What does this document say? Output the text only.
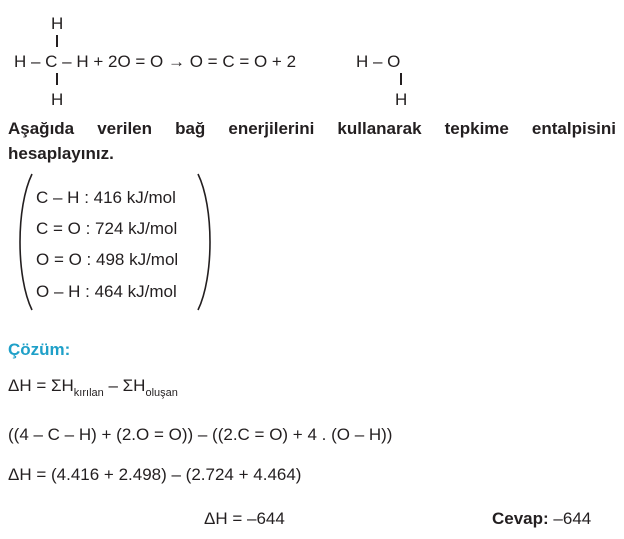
H
H – C – H + 2O = O → O = C = O + 2	H – O
H	H
Aşağıda verilen bağ enerjilerini kullanarak tepkime entalpisini
hesaplayınız.
C – H : 416 kJ/mol
C = O : 724 kJ/mol
O = O : 498 kJ/mol
O – H : 464 kJ/mol
Çözüm:
$\Delta H = \Sigma H_{kırılan} - \Sigma H_{oluşan}$
((4 – C – H) + (2.O = O)) – ((2.C = O) + 4 . (O – H))
ΔH = (4.416 + 2.498) – (2.724 + 4.464)
ΔH = –644	Cevap: –644
